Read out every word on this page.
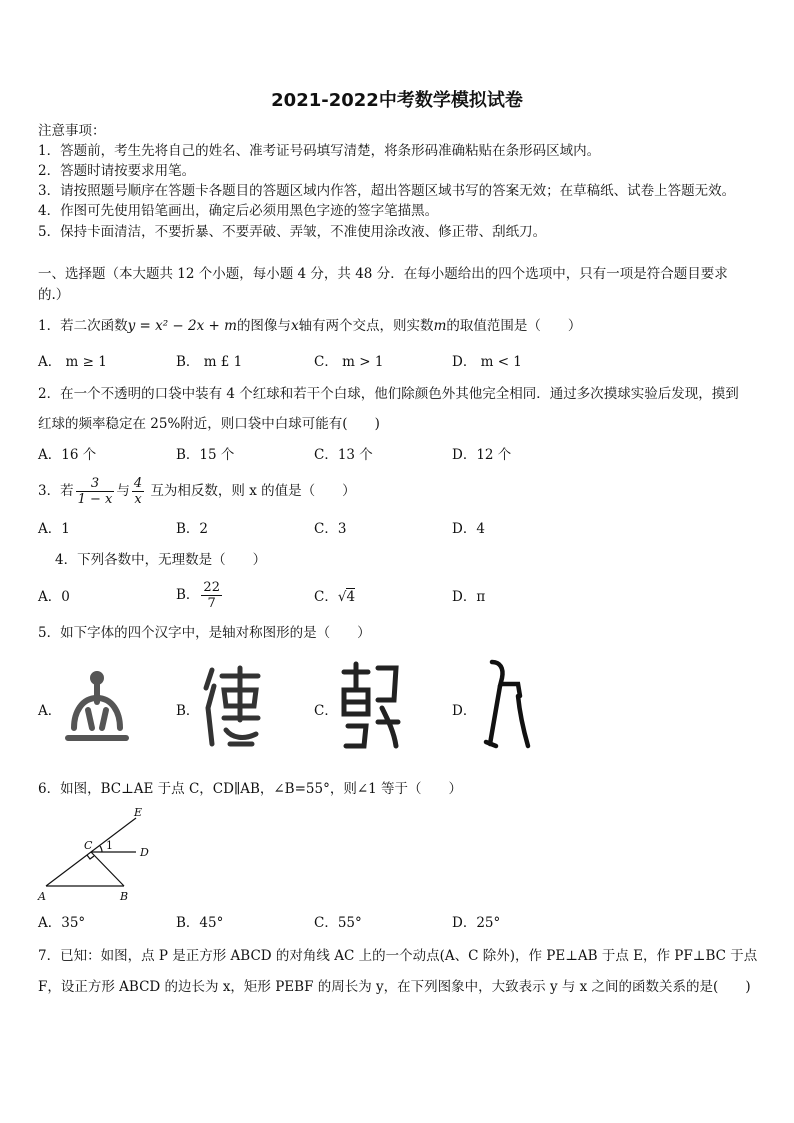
2021-2022中考数学模拟试卷
注意事项：
1．答题前，考生先将自己的姓名、准考证号码填写清楚，将条形码准确粘贴在条形码区域内。
2．答题时请按要求用笔。
3．请按照题号顺序在答题卡各题目的答题区域内作答，超出答题区域书写的答案无效；在草稿纸、试卷上答题无效。
4．作图可先使用铅笔画出，确定后必须用黑色字迹的签字笔描黑。
5．保持卡面清洁，不要折暴、不要弄破、弄皱，不准使用涂改液、修正带、刮纸刀。
一、选择题（本大题共 12 个小题，每小题 4 分，共 48 分．在每小题给出的四个选项中，只有一项是符合题目要求
的.）
1．若二次函数y = x² − 2x + m的图像与x轴有两个交点，则实数m的取值范围是（　　）
A． m ≥ 1	B． m £ 1	C． m > 1	D． m < 1
2．在一个不透明的口袋中装有 4 个红球和若干个白球，他们除颜色外其他完全相同．通过多次摸球实验后发现，摸到
红球的频率稳定在 25%附近，则口袋中白球可能有(　　)
A．16 个	B．15 个	C．13 个	D．12 个
3．若 $\frac{3}{1 - x}$ 与 $\frac{4}{x}$ 互为相反数，则 x 的值是（　　）
A．1	B．2	C．3	D．4
4．下列各数中，无理数是（　　）
A．0	B． $\frac{22}{7}$	C．√4	D．π
5．如下字体的四个汉字中，是轴对称图形的是（　　）
A．	B．	C．	D．
6．如图，BC⊥AE 于点 C，CD∥AB，∠B=55°，则∠1 等于（　　）
E
C 1
D
A	B
A．35°	B．45°	C．55°	D．25°
7．已知：如图，点 P 是正方形 ABCD 的对角线 AC 上的一个动点(A、C 除外)，作 PE⊥AB 于点 E，作 PF⊥BC 于点
F，设正方形 ABCD 的边长为 x，矩形 PEBF 的周长为 y，在下列图象中，大致表示 y 与 x 之间的函数关系的是(　　)
